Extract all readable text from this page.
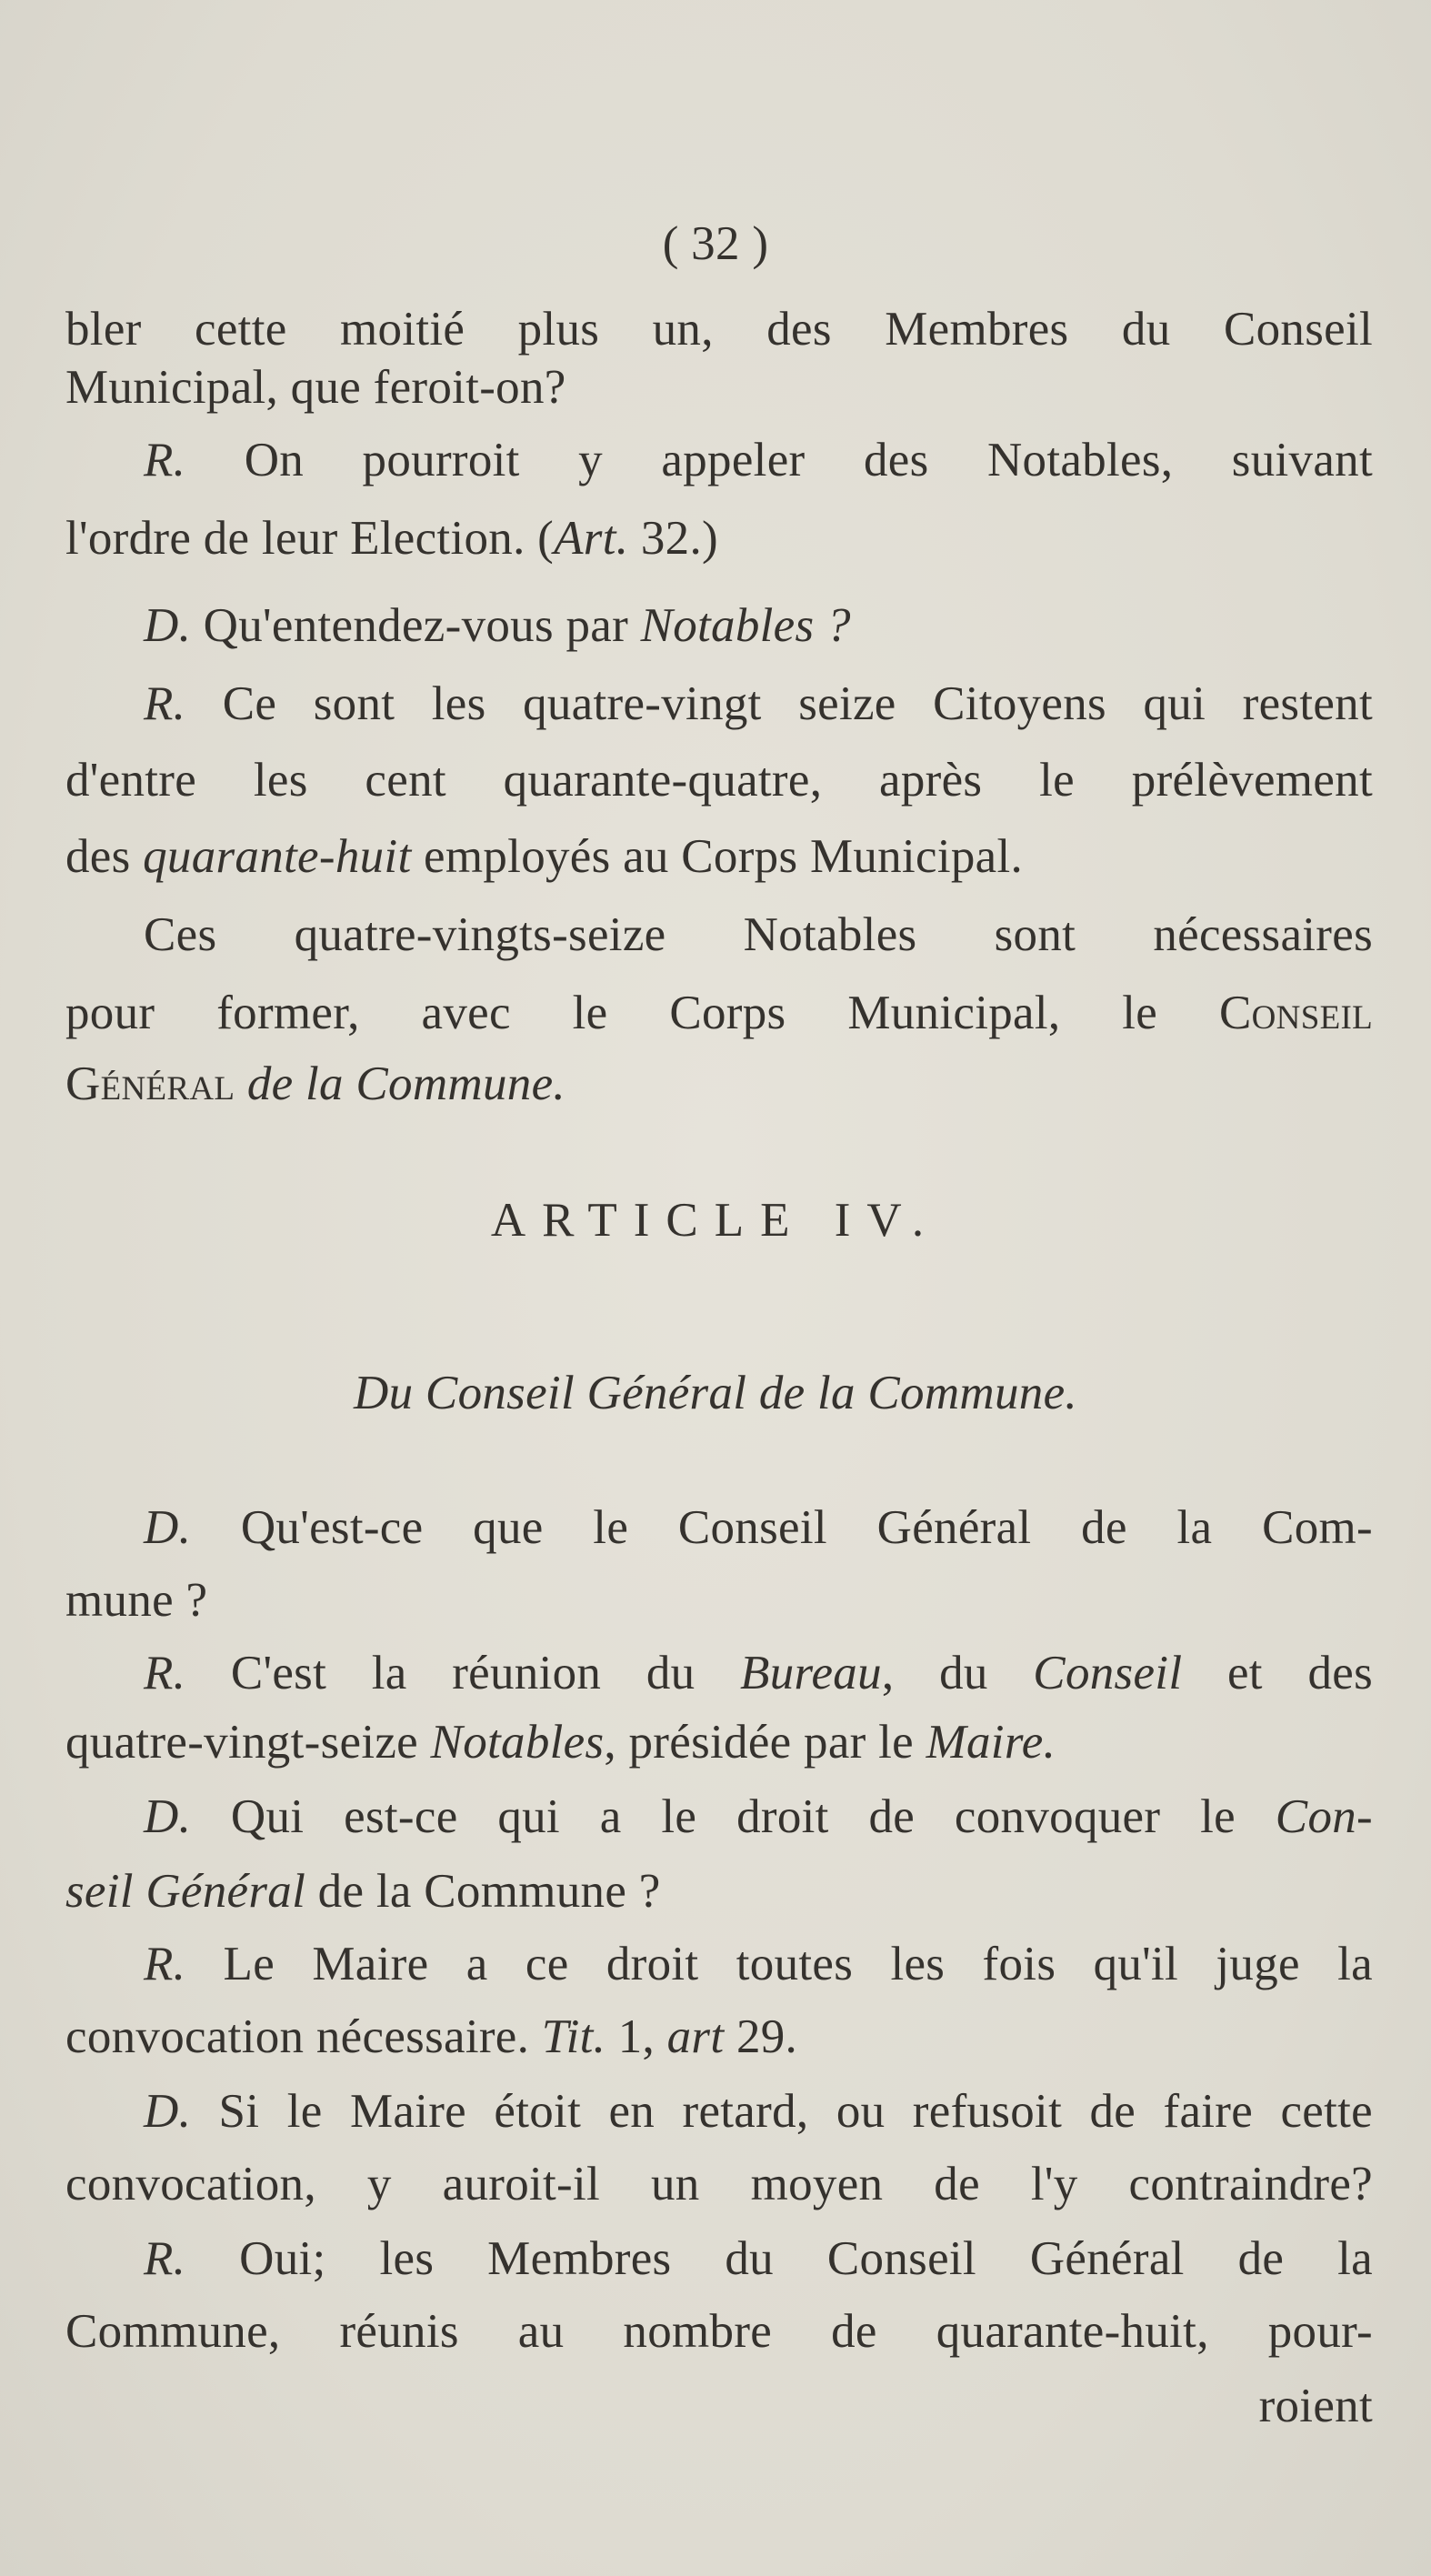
( 32 )
bler cette moitié plus un, des Membres du Conseil
Municipal, que feroit-on?
R. On pourroit y appeler des Notables, suivant
l'ordre de leur Election. (Art. 32.)
D. Qu'entendez-vous par Notables ?
R. Ce sont les quatre-vingt seize Citoyens qui restent
d'entre les cent quarante-quatre, après le prélèvement
des quarante-huit employés au Corps Municipal.
Ces quatre-vingts-seize Notables sont nécessaires
pour former, avec le Corps Municipal, le Conseil
Général de la Commune.
ARTICLE IV.
Du Conseil Général de la Commune.
D. Qu'est-ce que le Conseil Général de la Com-
mune ?
R. C'est la réunion du Bureau, du Conseil et des
quatre-vingt-seize Notables, présidée par le Maire.
D. Qui est-ce qui a le droit de convoquer le Con-
seil Général de la Commune ?
R. Le Maire a ce droit toutes les fois qu'il juge la
convocation nécessaire. Tit. 1, art 29.
D. Si le Maire étoit en retard, ou refusoit de faire cette
convocation, y auroit-il un moyen de l'y contraindre?
R. Oui; les Membres du Conseil Général de la
Commune, réunis au nombre de quarante-huit, pour-
roient
